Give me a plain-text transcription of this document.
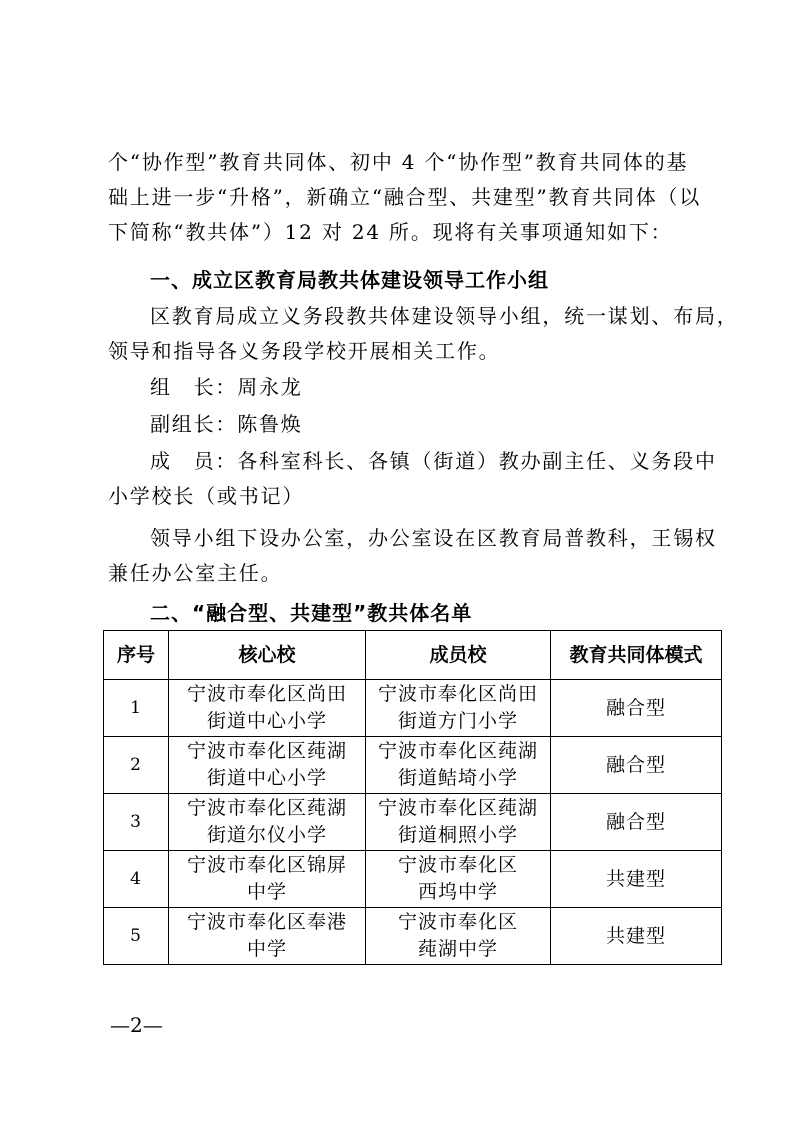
个“协作型”教育共同体、初中 4 个“协作型”教育共同体的基
础上进一步“升格”，新确立“融合型、共建型”教育共同体（以
下简称“教共体”）12 对 24 所。现将有关事项通知如下：

一、成立区教育局教共体建设领导工作小组

区教育局成立义务段教共体建设领导小组，统一谋划、布局，
领导和指导各义务段学校开展相关工作。

组　长：周永龙

副组长：陈鲁焕

成　员：各科室科长、各镇（街道）教办副主任、义务段中
小学校长（或书记）

领导小组下设办公室，办公室设在区教育局普教科，王锡权
兼任办公室主任。

二、“融合型、共建型”教共体名单

序号	核心校	成员校	教育共同体模式
1	宁波市奉化区尚田
街道中心小学	宁波市奉化区尚田
街道方门小学	融合型
2	宁波市奉化区莼湖
街道中心小学	宁波市奉化区莼湖
街道鲒埼小学	融合型
3	宁波市奉化区莼湖
街道尔仪小学	宁波市奉化区莼湖
街道桐照小学	融合型
4	宁波市奉化区锦屏
中学	宁波市奉化区
西坞中学	共建型
5	宁波市奉化区奉港
中学	宁波市奉化区
莼湖中学	共建型
—2—
